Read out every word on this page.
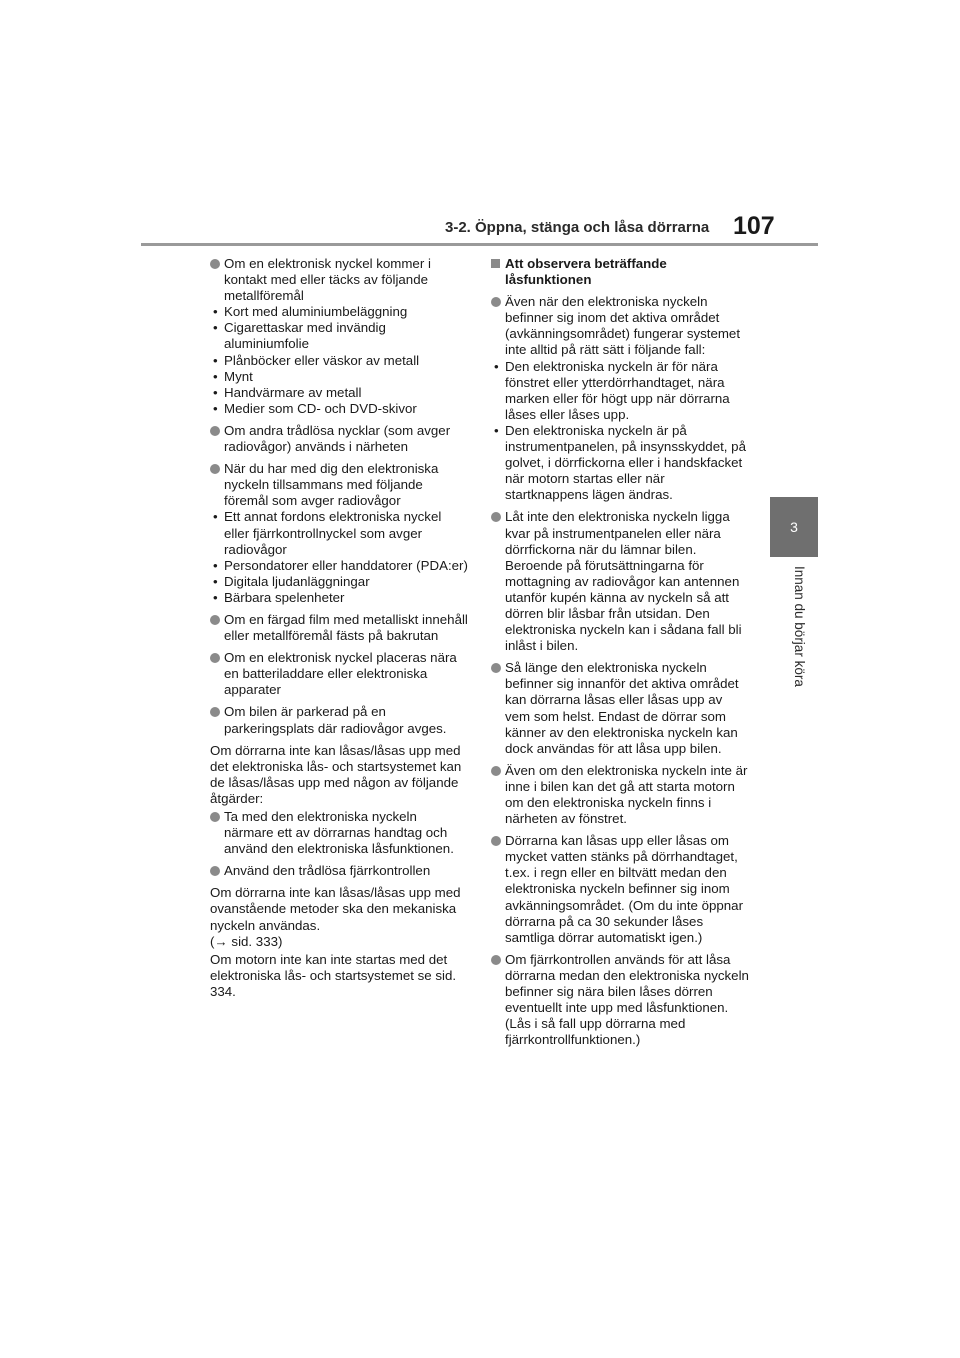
3-2. Öppna, stänga och låsa dörrarna 107
3
Innan du börjar köra
Om en elektronisk nyckel kommer i kontakt med eller täcks av följande metallföremål
• Kort med aluminiumbeläggning
• Cigarettaskar med invändig aluminiumfolie
• Plånböcker eller väskor av metall
• Mynt
• Handvärmare av metall
• Medier som CD- och DVD-skivor
Om andra trådlösa nycklar (som avger radiovågor) används i närheten
När du har med dig den elektroniska nyckeln tillsammans med följande föremål som avger radiovågor
• Ett annat fordons elektroniska nyckel eller fjärrkontrollnyckel som avger radiovågor
• Persondatorer eller handdatorer (PDA:er)
• Digitala ljudanläggningar
• Bärbara spelenheter
Om en färgad film med metalliskt innehåll eller metallföremål fästs på bakrutan
Om en elektronisk nyckel placeras nära en batteriladdare eller elektroniska apparater
Om bilen är parkerad på en parkeringsplats där radiovågor avges.
Om dörrarna inte kan låsas/låsas upp med det elektroniska lås- och startsystemet kan de låsas/låsas upp med någon av följande åtgärder:
Ta med den elektroniska nyckeln närmare ett av dörrarnas handtag och använd den elektroniska låsfunktionen.
Använd den trådlösa fjärrkontrollen
Om dörrarna inte kan låsas/låsas upp med ovanstående metoder ska den mekaniska nyckeln användas.
(→ sid. 333)
Om motorn inte kan inte startas med det elektroniska lås- och startsystemet se sid. 334.
Att observera beträffande låsfunktionen
Även när den elektroniska nyckeln befinner sig inom det aktiva området (avkänningsområdet) fungerar systemet inte alltid på rätt sätt i följande fall:
• Den elektroniska nyckeln är för nära fönstret eller ytterdörrhandtaget, nära marken eller för högt upp när dörrarna låses eller låses upp.
• Den elektroniska nyckeln är på instrumentpanelen, på insynsskyddet, på golvet, i dörrfickorna eller i handskfacket när motorn startas eller när startknappens lägen ändras.
Låt inte den elektroniska nyckeln ligga kvar på instrumentpanelen eller nära dörrfickorna när du lämnar bilen. Beroende på förutsättningarna för mottagning av radiovågor kan antennen utanför kupén känna av nyckeln så att dörren blir låsbar från utsidan. Den elektroniska nyckeln kan i sådana fall bli inlåst i bilen.
Så länge den elektroniska nyckeln befinner sig innanför det aktiva området kan dörrarna låsas eller låsas upp av vem som helst. Endast de dörrar som känner av den elektroniska nyckeln kan dock användas för att låsa upp bilen.
Även om den elektroniska nyckeln inte är inne i bilen kan det gå att starta motorn om den elektroniska nyckeln finns i närheten av fönstret.
Dörrarna kan låsas upp eller låsas om mycket vatten stänks på dörrhandtaget, t.ex. i regn eller en biltvätt medan den elektroniska nyckeln befinner sig inom avkänningsområdet. (Om du inte öppnar dörrarna på ca 30 sekunder låses samtliga dörrar automatiskt igen.)
Om fjärrkontrollen används för att låsa dörrarna medan den elektroniska nyckeln befinner sig nära bilen låses dörren eventuellt inte upp med låsfunktionen. (Lås i så fall upp dörrarna med fjärrkontrollfunktionen.)
